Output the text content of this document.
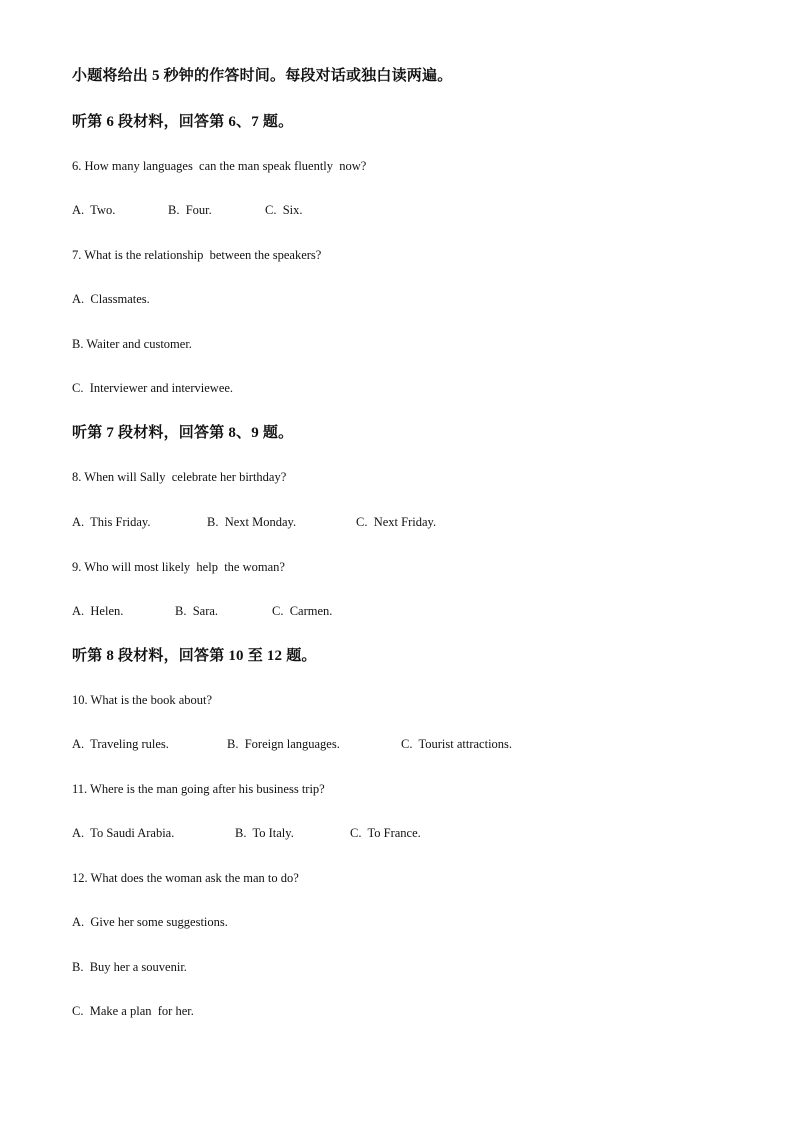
小题将给出 5 秒钟的作答时间。每段对话或独白读两遍。
听第 6 段材料，回答第 6、7 题。
6. How many languages  can the man speak fluently  now?
A.  Two.	B.  Four.	C.  Six.
7. What is the relationship  between the speakers?
A.  Classmates.
B. Waiter and customer.
C.  Interviewer and interviewee.
听第 7 段材料，回答第 8、9 题。
8. When will Sally  celebrate her birthday?
A.  This Friday.	B.  Next Monday.	C.  Next Friday.
9. Who will most likely  help  the woman?
A.  Helen.	B.  Sara.	C.  Carmen.
听第 8 段材料，回答第 10 至 12 题。
10. What is the book about?
A.  Traveling rules.	B.  Foreign languages.	C.  Tourist attractions.
11. Where is the man going after his business trip?
A.  To Saudi Arabia.	B.  To Italy.	C.  To France.
12. What does the woman ask the man to do?
A.  Give her some suggestions.
B.  Buy her a souvenir.
C.  Make a plan  for her.
